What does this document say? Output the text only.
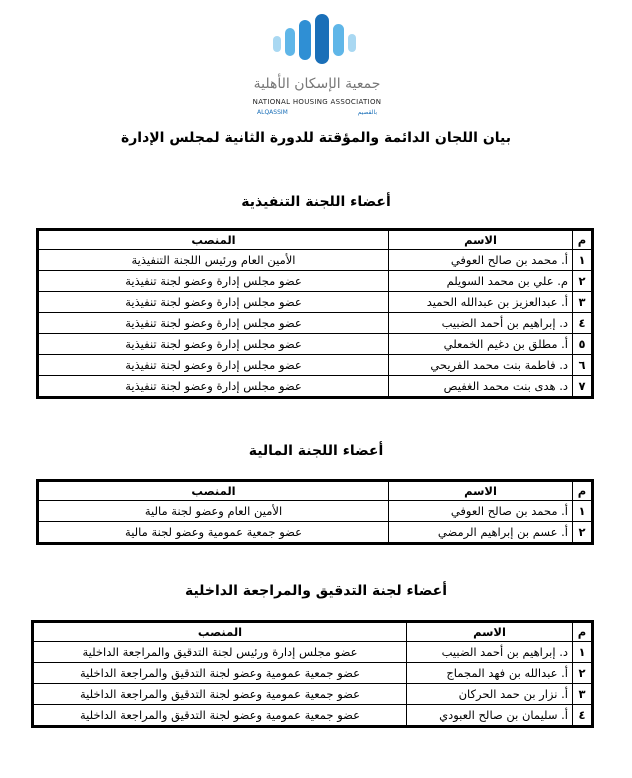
جمعية الإسكان الأهلية
NATIONAL HOUSING ASSOCIATION
ALQASSIM	بالقصيم
بيان اللجان الدائمة والمؤقتة للدورة الثانية لمجلس الإدارة
أعضاء اللجنة التنفيذية
م	الاسم	المنصب
١	أ. محمد بن صالح العوفي	الأمين العام ورئيس اللجنة التنفيذية
٢	م. علي بن محمد السويلم	عضو مجلس إدارة وعضو لجنة تنفيذية
٣	أ. عبدالعزيز بن عبدالله الحميد	عضو مجلس إدارة وعضو لجنة تنفيذية
٤	د. إبراهيم بن أحمد الضبيب	عضو مجلس إدارة وعضو لجنة تنفيذية
٥	أ. مطلق بن دغيم الخمعلي	عضو مجلس إدارة وعضو لجنة تنفيذية
٦	د. فاطمة بنت محمد الفريحي	عضو مجلس إدارة وعضو لجنة تنفيذية
٧	د. هدى بنت محمد الغفيص	عضو مجلس إدارة وعضو لجنة تنفيذية
أعضاء اللجنة المالية
م	الاسم	المنصب
١	أ. محمد بن صالح العوفي	الأمين العام وعضو لجنة مالية
٢	أ. عسم بن إبراهيم الرمضي	عضو جمعية عمومية وعضو لجنة مالية
أعضاء لجنة التدقيق والمراجعة الداخلية
م	الاسم	المنصب
١	د. إبراهيم بن أحمد الضبيب	عضو مجلس إدارة ورئيس لجنة التدقيق والمراجعة الداخلية
٢	أ. عبدالله بن فهد المجماج	عضو جمعية عمومية وعضو لجنة التدقيق والمراجعة الداخلية
٣	أ. نزار بن حمد الحركان	عضو جمعية عمومية وعضو لجنة التدقيق والمراجعة الداخلية
٤	أ. سليمان بن صالح العبودي	عضو جمعية عمومية وعضو لجنة التدقيق والمراجعة الداخلية
